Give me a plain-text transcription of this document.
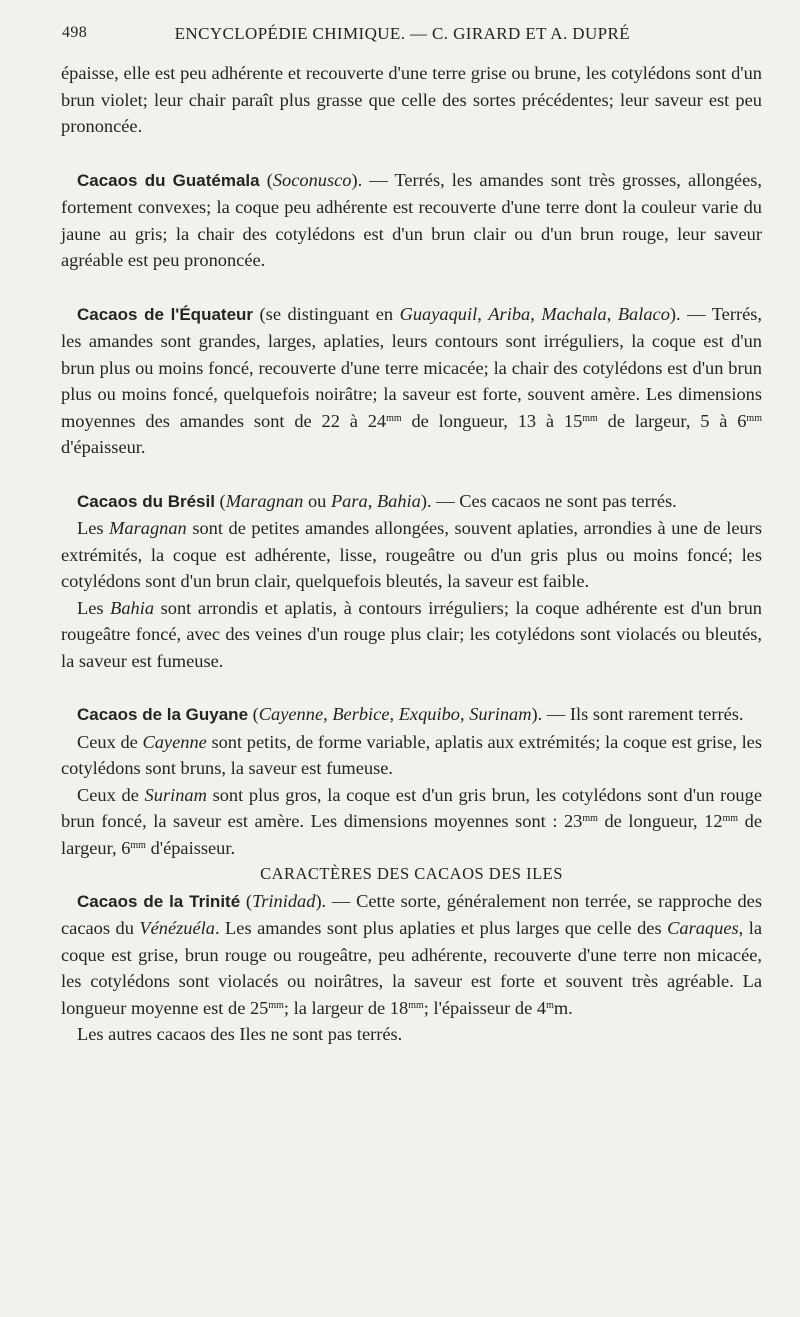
498	ENCYCLOPÉDIE CHIMIQUE. — C. GIRARD ET A. DUPRÉ

épaisse, elle est peu adhérente et recouverte d'une terre grise ou brune, les cotylédons sont d'un brun violet; leur chair paraît plus grasse que celle des sortes précédentes; leur saveur est peu prononcée.

Cacaos du Guatémala (Soconusco). — Terrés, les amandes sont très grosses, allongées, fortement convexes; la coque peu adhérente est recouverte d'une terre dont la couleur varie du jaune au gris; la chair des cotylédons est d'un brun clair ou d'un brun rouge, leur saveur agréable est peu prononcée.

Cacaos de l'Équateur (se distinguant en Guayaquil, Ariba, Machala, Balaco). — Terrés, les amandes sont grandes, larges, aplaties, leurs contours sont irréguliers, la coque est d'un brun plus ou moins foncé, recouverte d'une terre micacée; la chair des cotylédons est d'un brun plus ou moins foncé, quelquefois noirâtre; la saveur est forte, souvent amère. Les dimensions moyennes des amandes sont de 22 à $24^{mm}$ de longueur, 13 à $15^{mm}$ de largeur, 5 à $6^{mm}$ d'épaisseur.

Cacaos du Brésil (Maragnan ou Para, Bahia). — Ces cacaos ne sont pas terrés.

Les Maragnan sont de petites amandes allongées, souvent aplaties, arrondies à une de leurs extrémités, la coque est adhérente, lisse, rougeâtre ou d'un gris plus ou moins foncé; les cotylédons sont d'un brun clair, quelquefois bleutés, la saveur est faible.

Les Bahia sont arrondis et aplatis, à contours irréguliers; la coque adhérente est d'un brun rougeâtre foncé, avec des veines d'un rouge plus clair; les cotylédons sont violacés ou bleutés, la saveur est fumeuse.

Cacaos de la Guyane (Cayenne, Berbice, Exquibo, Surinam). — Ils sont rarement terrés.

Ceux de Cayenne sont petits, de forme variable, aplatis aux extrémités; la coque est grise, les cotylédons sont bruns, la saveur est fumeuse.

Ceux de Surinam sont plus gros, la coque est d'un gris brun, les cotylédons sont d'un rouge brun foncé, la saveur est amère. Les dimensions moyennes sont : $23^{mm}$ de longueur, $12^{mm}$ de largeur, $6^{mm}$ d'épaisseur.

CARACTÈRES DES CACAOS DES ILES

Cacaos de la Trinité (Trinidad). — Cette sorte, généralement non terrée, se rapproche des cacaos du Vénézuéla. Les amandes sont plus aplaties et plus larges que celle des Caraques, la coque est grise, brun rouge ou rougeâtre, peu adhérente, recouverte d'une terre non micacée, les cotylédons sont violacés ou noirâtres, la saveur est forte et souvent très agréable. La longueur moyenne est de $25^{mm}$; la largeur de $18^{mm}$; l'épaisseur de 4$^m$m.

Les autres cacaos des Iles ne sont pas terrés.
